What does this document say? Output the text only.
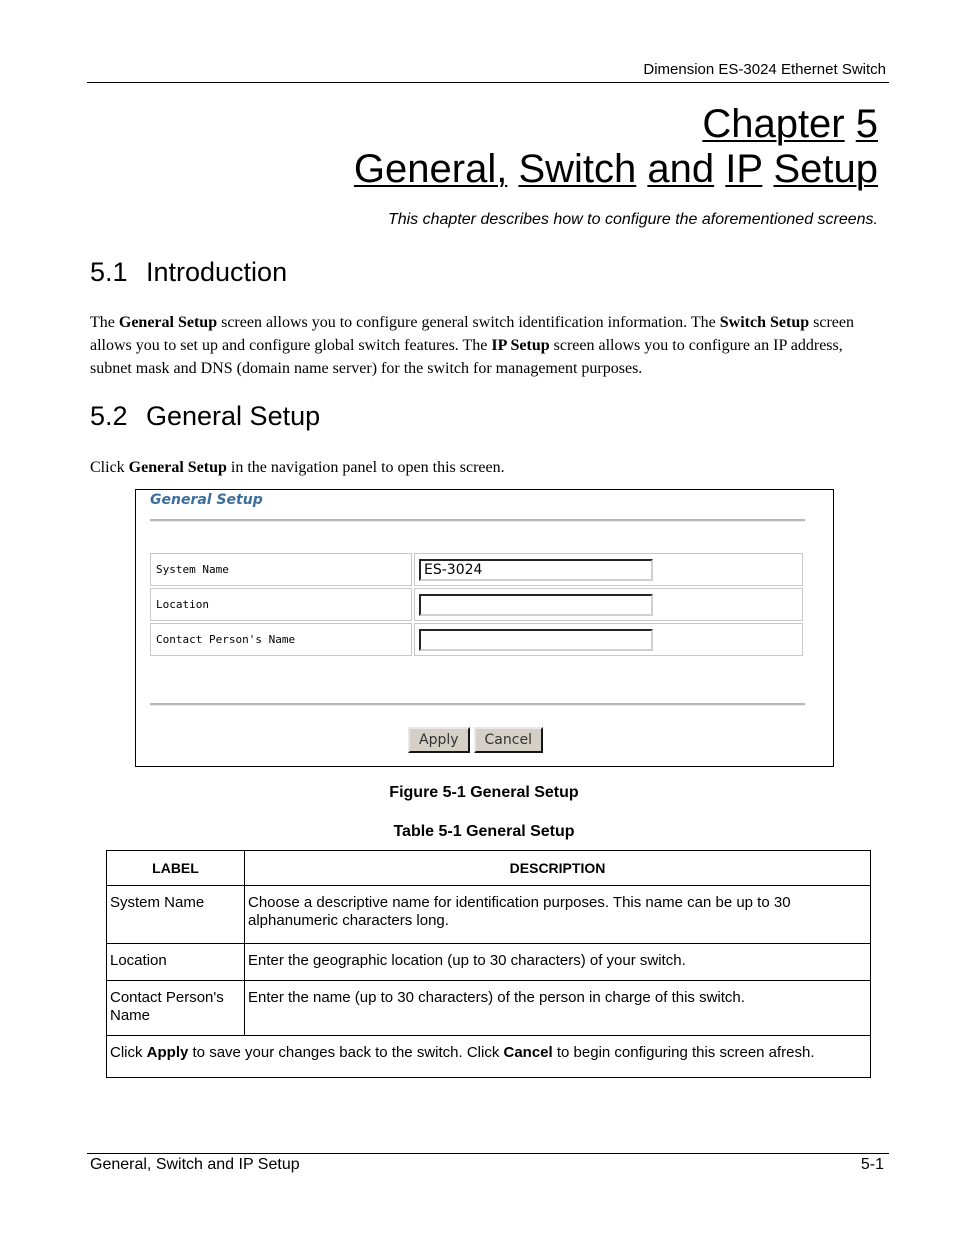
Dimension ES-3024 Ethernet Switch
Chapter 5
General, Switch and IP Setup
This chapter describes how to configure the aforementioned screens.
5.1 Introduction
The General Setup screen allows you to configure general switch identification information. The Switch Setup screen allows you to set up and configure global switch features. The IP Setup screen allows you to configure an IP address, subnet mask and DNS (domain name server) for the switch for management purposes.
5.2 General Setup
Click General Setup in the navigation panel to open this screen.
General Setup
System Name	ES-3024
Location
Contact Person's Name
Apply	Cancel
Figure 5-1 General Setup
Table 5-1 General Setup
LABEL	DESCRIPTION
System Name	Choose a descriptive name for identification purposes. This name can be up to 30 alphanumeric characters long.
Location	Enter the geographic location (up to 30 characters) of your switch.
Contact Person's Name	Enter the name (up to 30 characters) of the person in charge of this switch.
Click Apply to save your changes back to the switch. Click Cancel to begin configuring this screen afresh.	
General, Switch and IP Setup	5-1
